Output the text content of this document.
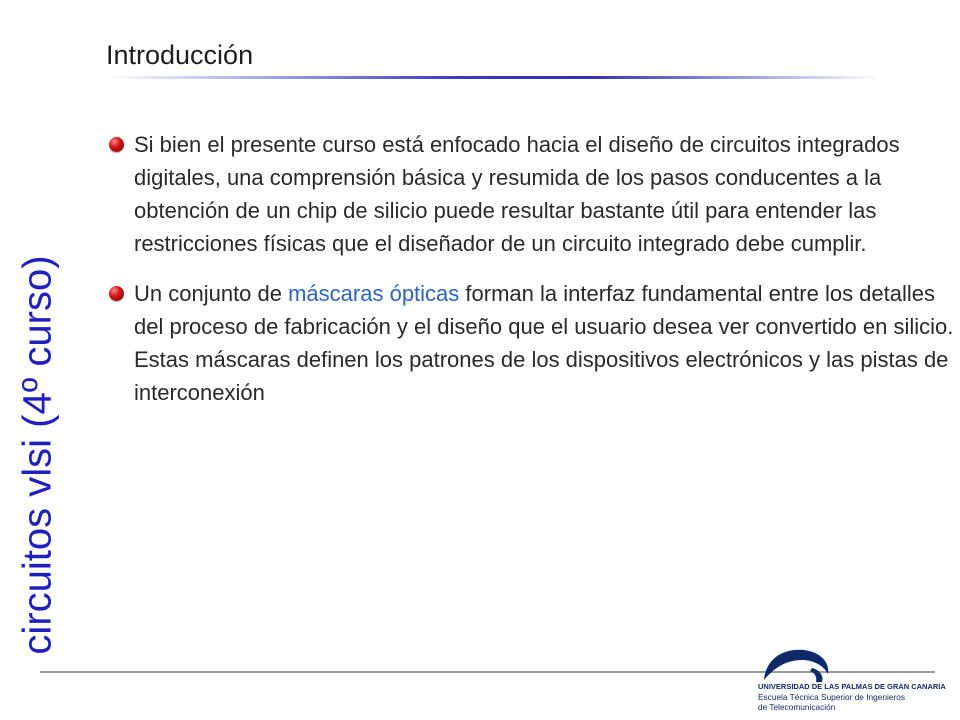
Introducción
circuitos vlsi (4º curso)
Si bien el presente curso está enfocado hacia el diseño de circuitos integrados digitales, una comprensión básica y resumida de los pasos conducentes a la obtención de un chip de silicio puede resultar bastante útil para entender las restricciones físicas que el diseñador de un circuito integrado debe cumplir.
Un conjunto de máscaras ópticas forman la interfaz fundamental entre los detalles del proceso de fabricación y el diseño que el usuario desea ver convertido en silicio. Estas máscaras definen los patrones de los dispositivos electrónicos y las pistas de interconexión
UNIVERSIDAD DE LAS PALMAS DE GRAN CANARIA
Escuela Técnica Superior de Ingenieros
de Telecomunicación
